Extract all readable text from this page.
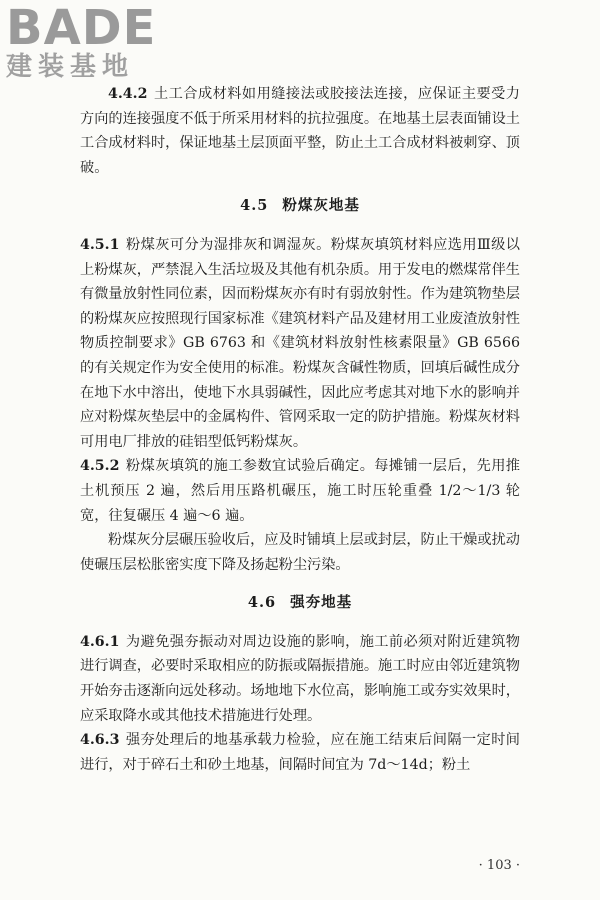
BADE
建装基地

4.4.2 土工合成材料如用缝接法或胶接法连接，应保证主要受力方向的连接强度不低于所采用材料的抗拉强度。在地基土层表面铺设土工合成材料时，保证地基土层顶面平整，防止土工合成材料被刺穿、顶破。

4.5 粉煤灰地基

4.5.1 粉煤灰可分为湿排灰和调湿灰。粉煤灰填筑材料应选用Ⅲ级以上粉煤灰，严禁混入生活垃圾及其他有机杂质。用于发电的燃煤常伴生有微量放射性同位素，因而粉煤灰亦有时有弱放射性。作为建筑物垫层的粉煤灰应按照现行国家标准《建筑材料产品及建材用工业废渣放射性物质控制要求》GB 6763 和《建筑材料放射性核素限量》GB 6566 的有关规定作为安全使用的标准。粉煤灰含碱性物质，回填后碱性成分在地下水中溶出，使地下水具弱碱性，因此应考虑其对地下水的影响并应对粉煤灰垫层中的金属构件、管网采取一定的防护措施。粉煤灰材料可用电厂排放的硅铝型低钙粉煤灰。

4.5.2 粉煤灰填筑的施工参数宜试验后确定。每摊铺一层后，先用推土机预压 2 遍，然后用压路机碾压，施工时压轮重叠 1/2～1/3 轮宽，往复碾压 4 遍～6 遍。

粉煤灰分层碾压验收后，应及时铺填上层或封层，防止干燥或扰动使碾压层松胀密实度下降及扬起粉尘污染。

4.6 强夯地基

4.6.1 为避免强夯振动对周边设施的影响，施工前必须对附近建筑物进行调查，必要时采取相应的防振或隔振措施。施工时应由邻近建筑物开始夯击逐渐向远处移动。场地地下水位高，影响施工或夯实效果时，应采取降水或其他技术措施进行处理。

4.6.3 强夯处理后的地基承载力检验，应在施工结束后间隔一定时间进行，对于碎石土和砂土地基，间隔时间宜为 7d～14d；粉土

· 103 ·
